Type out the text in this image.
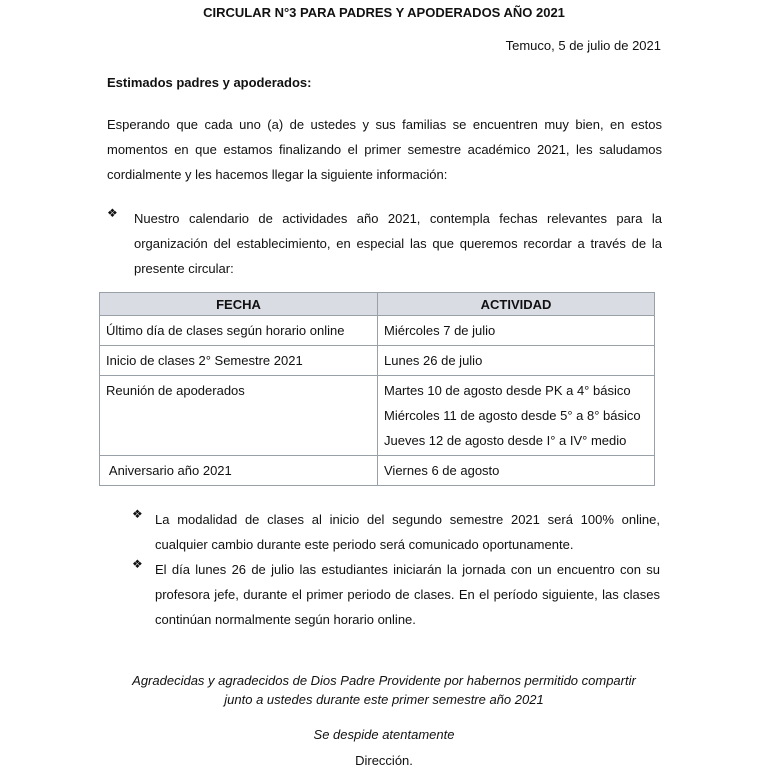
CIRCULAR N°3 PARA PADRES Y APODERADOS AÑO 2021
Temuco, 5 de julio de 2021
Estimados padres y apoderados:
Esperando que cada uno (a) de ustedes y sus familias se encuentren muy bien, en estos momentos en que estamos finalizando el primer semestre académico 2021, les saludamos cordialmente y les hacemos llegar la siguiente información:
❖ Nuestro calendario de actividades año 2021, contempla fechas relevantes para la organización del establecimiento, en especial las que queremos recordar a través de la presente circular:
FECHA	ACTIVIDAD
Último día de clases según horario online	Miércoles 7 de julio
Inicio de clases 2° Semestre 2021	Lunes 26 de julio
Reunión de apoderados	Martes 10 de agosto desde PK a 4° básico
Miércoles 11 de agosto desde 5° a 8° básico
Jueves 12 de agosto desde I° a IV° medio

Aniversario año 2021	Viernes 6 de agosto
❖ La modalidad de clases al inicio del segundo semestre 2021 será 100% online, cualquier cambio durante este periodo será comunicado oportunamente.
❖ El día lunes 26 de julio las estudiantes iniciarán la jornada con un encuentro con su profesora jefe, durante el primer periodo de clases. En el período siguiente, las clases continúan normalmente según horario online.
Agradecidas y agradecidos de Dios Padre Providente por habernos permitido compartir
junto a ustedes durante este primer semestre año 2021
Se despide atentamente
Dirección.
